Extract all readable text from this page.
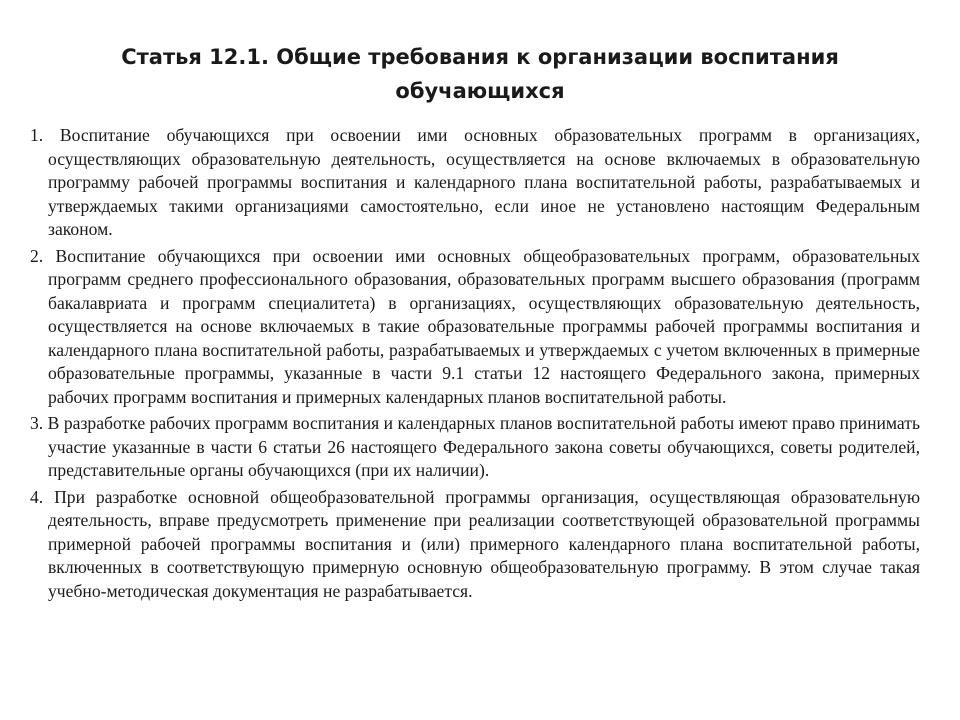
Статья 12.1. Общие требования к организации воспитания обучающихся

1. Воспитание обучающихся при освоении ими основных образовательных программ в организациях, осуществляющих образовательную деятельность, осуществляется на основе включаемых в образовательную программу рабочей программы воспитания и календарного плана воспитательной работы, разрабатываемых и утверждаемых такими организациями самостоятельно, если иное не установлено настоящим Федеральным законом.

2. Воспитание обучающихся при освоении ими основных общеобразовательных программ, образовательных программ среднего профессионального образования, образовательных программ высшего образования (программ бакалавриата и программ специалитета) в организациях, осуществляющих образовательную деятельность, осуществляется на основе включаемых в такие образовательные программы рабочей программы воспитания и календарного плана воспитательной работы, разрабатываемых и утверждаемых с учетом включенных в примерные образовательные программы, указанные в части 9.1 статьи 12 настоящего Федерального закона, примерных рабочих программ воспитания и примерных календарных планов воспитательной работы.

3. В разработке рабочих программ воспитания и календарных планов воспитательной работы имеют право принимать участие указанные в части 6 статьи 26 настоящего Федерального закона советы обучающихся, советы родителей, представительные органы обучающихся (при их наличии).

4. При разработке основной общеобразовательной программы организация, осуществляющая образовательную деятельность, вправе предусмотреть применение при реализации соответствующей образовательной программы примерной рабочей программы воспитания и (или) примерного календарного плана воспитательной работы, включенных в соответствующую примерную основную общеобразовательную программу. В этом случае такая учебно-методическая документация не разрабатывается.
